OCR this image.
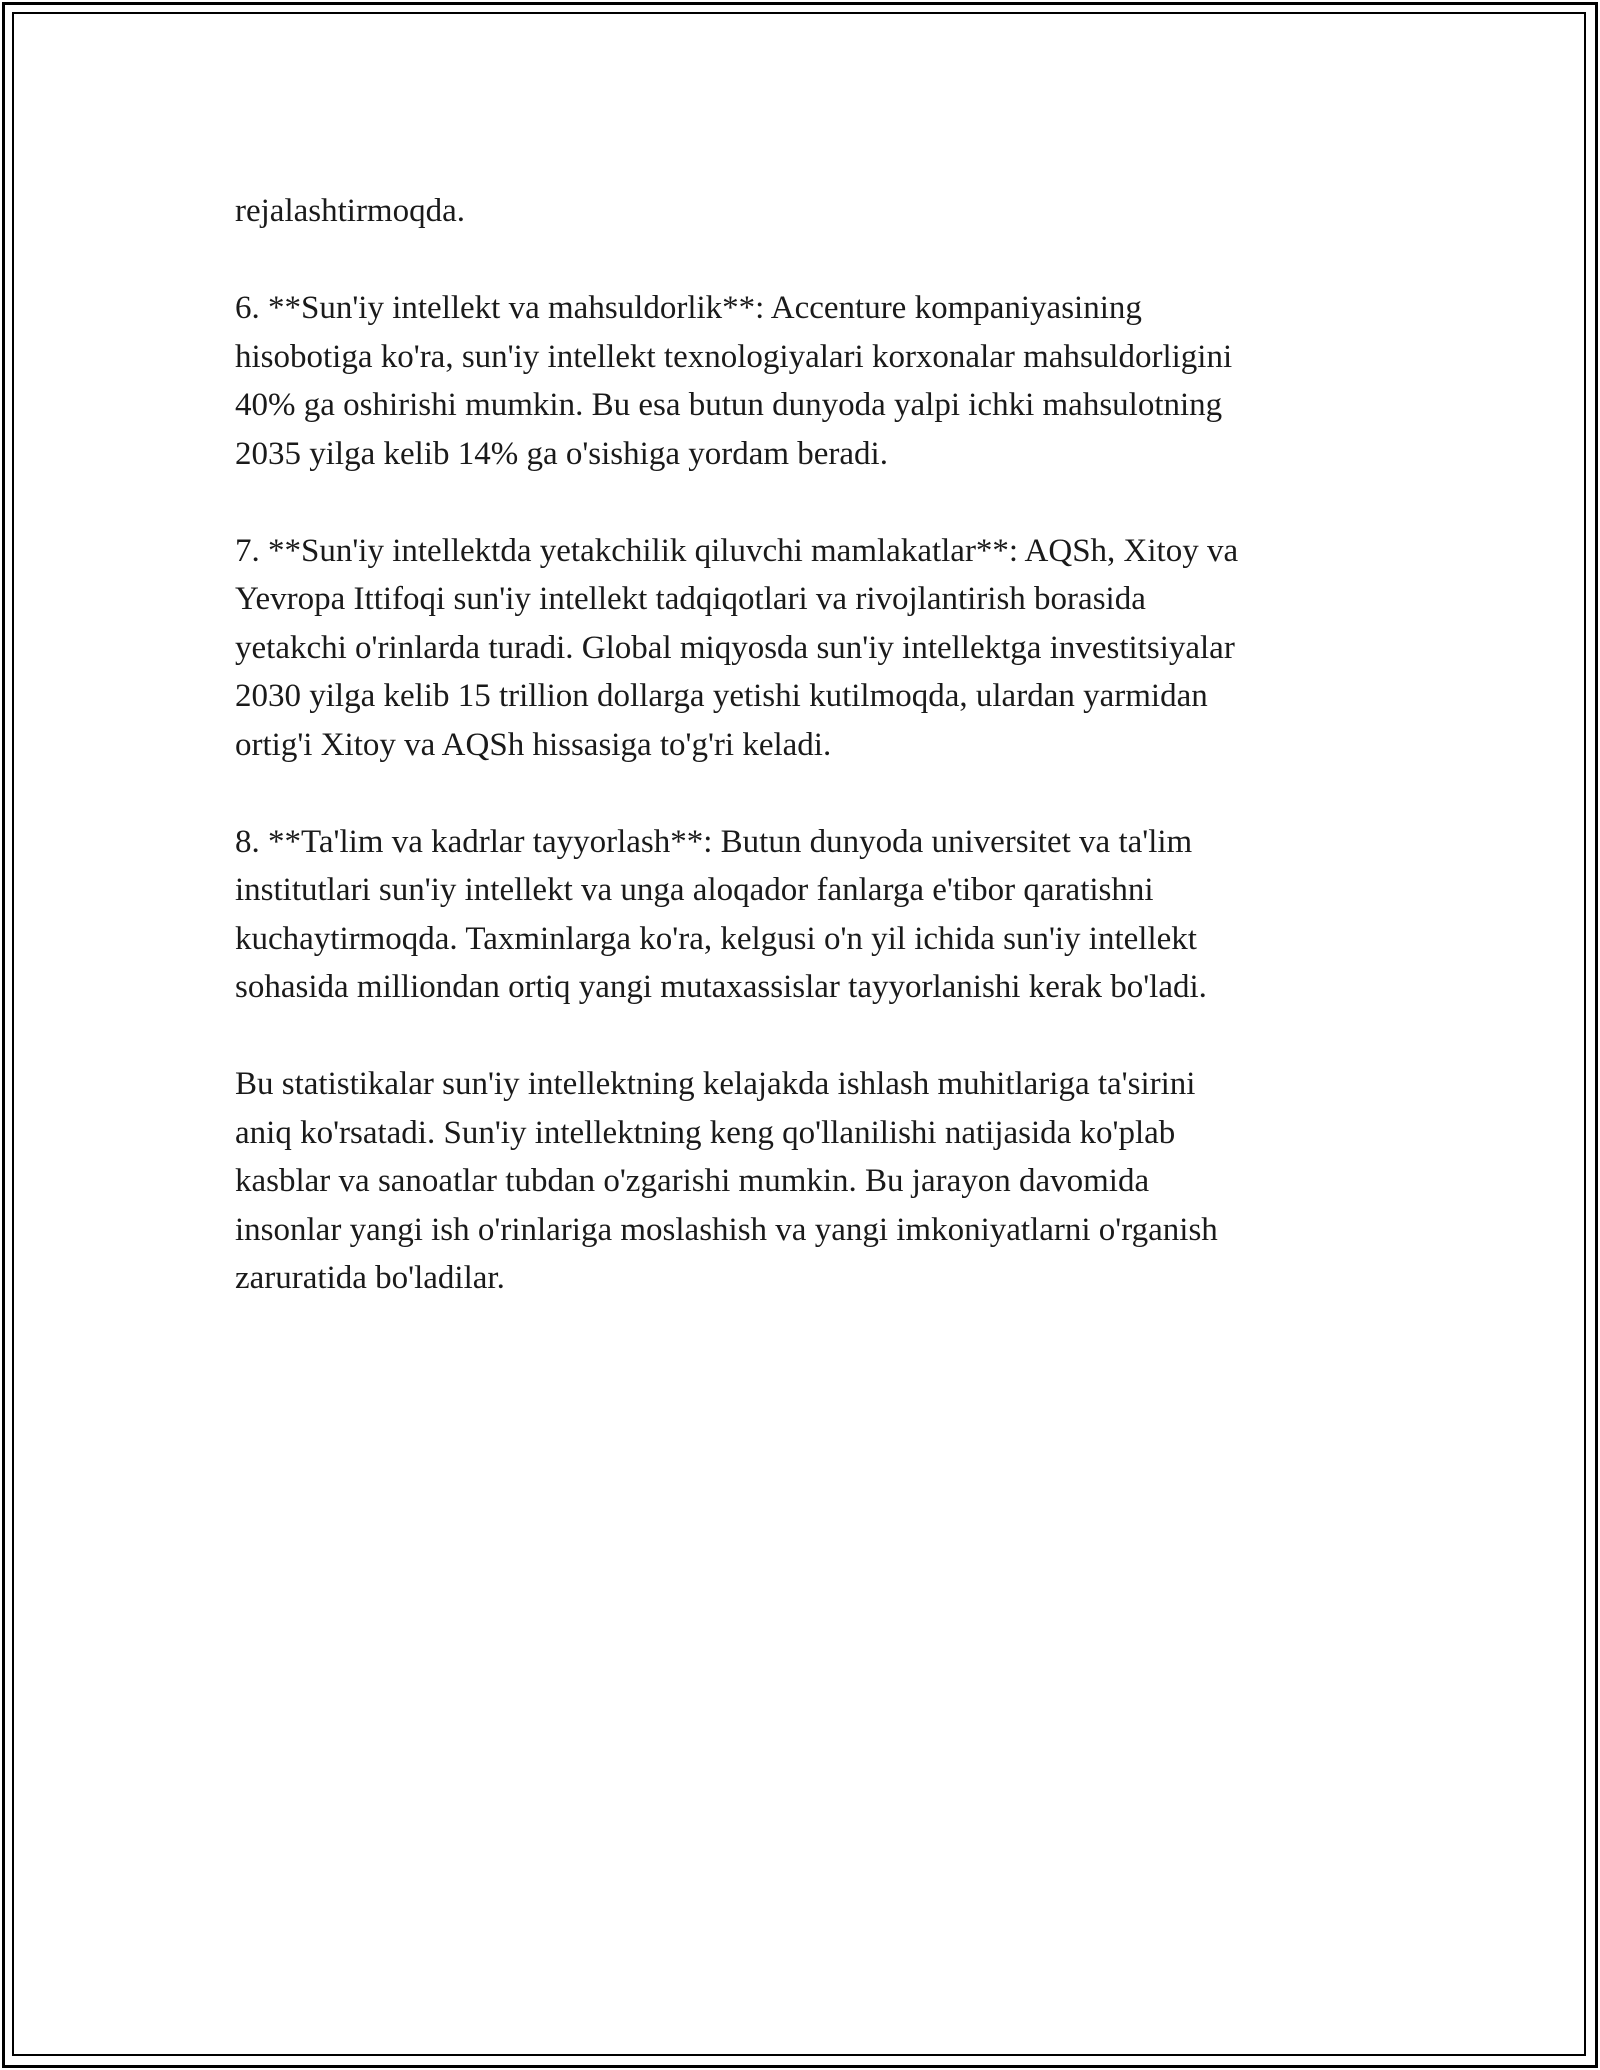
rejalashtirmoqda.

6. **Sun'iy intellekt va mahsuldorlik**: Accenture kompaniyasining
hisobotiga ko'ra, sun'iy intellekt texnologiyalari korxonalar mahsuldorligini
40% ga oshirishi mumkin. Bu esa butun dunyoda yalpi ichki mahsulotning
2035 yilga kelib 14% ga o'sishiga yordam beradi.

7. **Sun'iy intellektda yetakchilik qiluvchi mamlakatlar**: AQSh, Xitoy va
Yevropa Ittifoqi sun'iy intellekt tadqiqotlari va rivojlantirish borasida
yetakchi o'rinlarda turadi. Global miqyosda sun'iy intellektga investitsiyalar
2030 yilga kelib 15 trillion dollarga yetishi kutilmoqda, ulardan yarmidan
ortig'i Xitoy va AQSh hissasiga to'g'ri keladi.

8. **Ta'lim va kadrlar tayyorlash**: Butun dunyoda universitet va ta'lim
institutlari sun'iy intellekt va unga aloqador fanlarga e'tibor qaratishni
kuchaytirmoqda. Taxminlarga ko'ra, kelgusi o'n yil ichida sun'iy intellekt
sohasida milliondan ortiq yangi mutaxassislar tayyorlanishi kerak bo'ladi.

Bu statistikalar sun'iy intellektning kelajakda ishlash muhitlariga ta'sirini
aniq ko'rsatadi. Sun'iy intellektning keng qo'llanilishi natijasida ko'plab
kasblar va sanoatlar tubdan o'zgarishi mumkin. Bu jarayon davomida
insonlar yangi ish o'rinlariga moslashish va yangi imkoniyatlarni o'rganish
zaruratida bo'ladilar.
